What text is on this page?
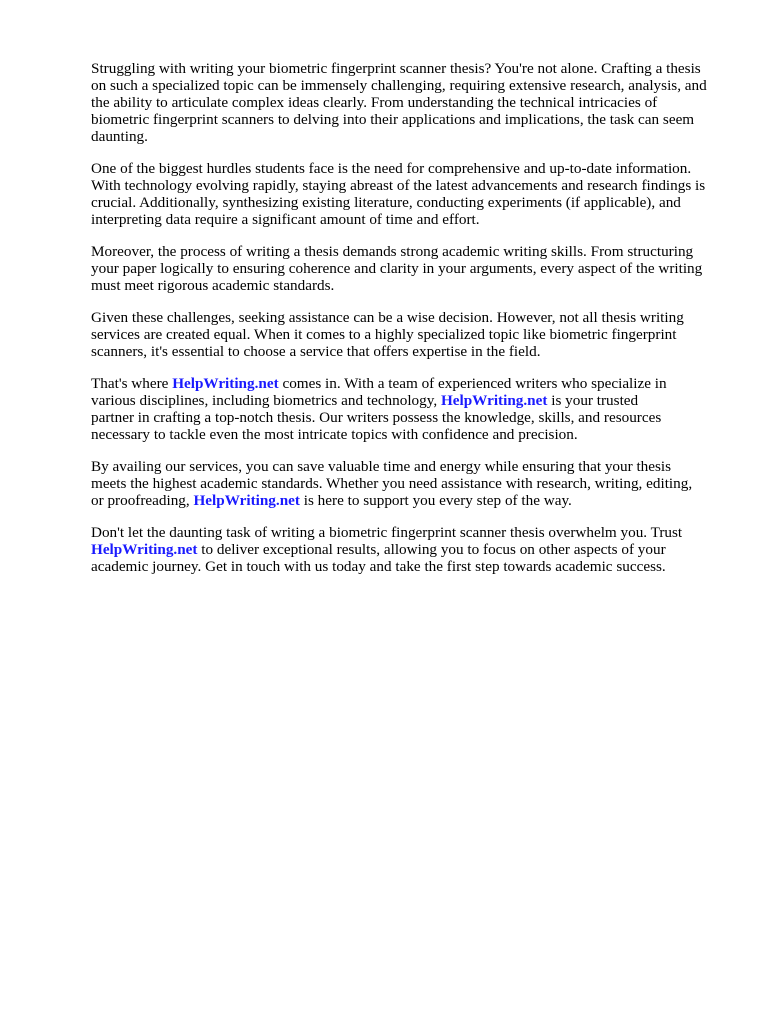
Struggling with writing your biometric fingerprint scanner thesis? You're not alone. Crafting a thesis
on such a specialized topic can be immensely challenging, requiring extensive research, analysis, and
the ability to articulate complex ideas clearly. From understanding the technical intricacies of
biometric fingerprint scanners to delving into their applications and implications, the task can seem
daunting.

One of the biggest hurdles students face is the need for comprehensive and up-to-date information.
With technology evolving rapidly, staying abreast of the latest advancements and research findings is
crucial. Additionally, synthesizing existing literature, conducting experiments (if applicable), and
interpreting data require a significant amount of time and effort.

Moreover, the process of writing a thesis demands strong academic writing skills. From structuring
your paper logically to ensuring coherence and clarity in your arguments, every aspect of the writing
must meet rigorous academic standards.

Given these challenges, seeking assistance can be a wise decision. However, not all thesis writing
services are created equal. When it comes to a highly specialized topic like biometric fingerprint
scanners, it's essential to choose a service that offers expertise in the field.

That's where HelpWriting.net comes in. With a team of experienced writers who specialize in
various disciplines, including biometrics and technology, HelpWriting.net is your trusted
partner in crafting a top-notch thesis. Our writers possess the knowledge, skills, and resources
necessary to tackle even the most intricate topics with confidence and precision.

By availing our services, you can save valuable time and energy while ensuring that your thesis
meets the highest academic standards. Whether you need assistance with research, writing, editing,
or proofreading, HelpWriting.net is here to support you every step of the way.

Don't let the daunting task of writing a biometric fingerprint scanner thesis overwhelm you. Trust
HelpWriting.net to deliver exceptional results, allowing you to focus on other aspects of your
academic journey. Get in touch with us today and take the first step towards academic success.
